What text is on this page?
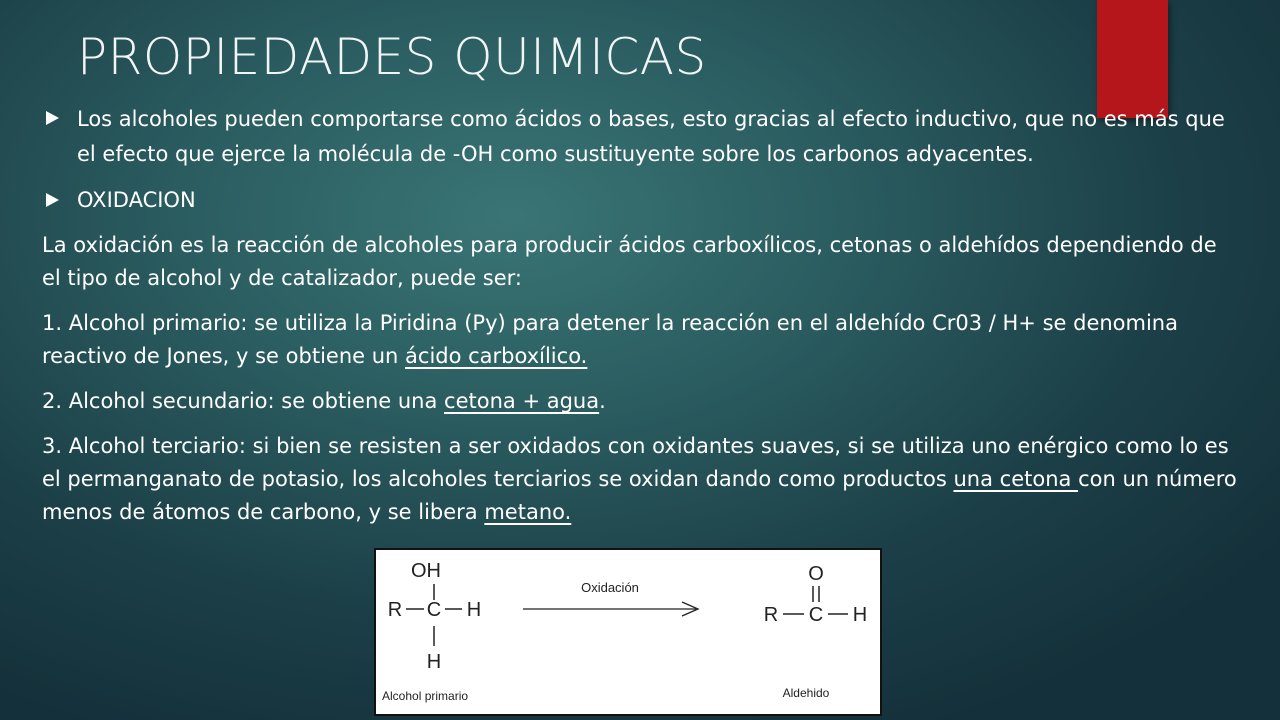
PROPIEDADES QUIMICAS
Los alcoholes pueden comportarse como ácidos o bases, esto gracias al efecto inductivo, que no es más que el efecto que ejerce la molécula de -OH como sustituyente sobre los carbonos adyacentes.
OXIDACION

La oxidación es la reacción de alcoholes para producir ácidos carboxílicos, cetonas o aldehídos dependiendo de el tipo de alcohol y de catalizador, puede ser:

1. Alcohol primario: se utiliza la Piridina (Py) para detener la reacción en el aldehído Cr03 / H+ se denomina reactivo de Jones, y se obtiene un ácido carboxílico.

2. Alcohol secundario: se obtiene una cetona + agua.

3. Alcohol terciario: si bien se resisten a ser oxidados con oxidantes suaves, si se utiliza uno enérgico como lo es el permanganato de potasio, los alcoholes terciarios se oxidan dando como productos una cetona con un número menos de átomos de carbono, y se libera metano.

OH
R C H
H
Oxidación
O
R C H
Alcohol primario	Aldehido
